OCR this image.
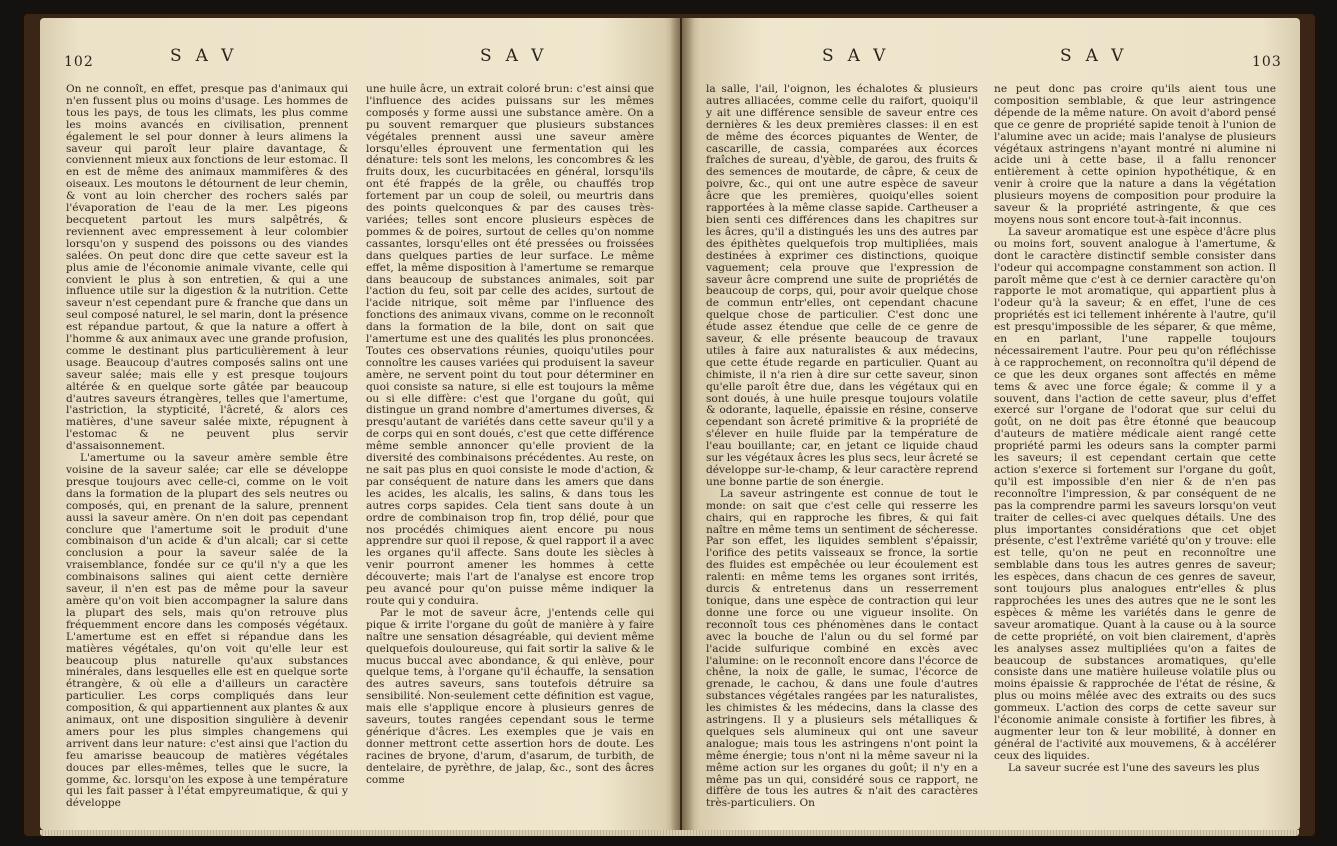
102	SAV	SAV

On ne connoît, en effet, presque pas d'animaux qui n'en fussent plus ou moins d'usage. Les hommes de tous les pays, de tous les climats, les plus comme les moins avancés en civilisation, prennent également le sel pour donner à leurs alimens la saveur qui paroît leur plaire davantage, & conviennent mieux aux fonctions de leur estomac. Il en est de même des animaux mammifères & des oiseaux. Les moutons le détournent de leur chemin, & vont au loin chercher des rochers salés par l'évaporation de l'eau de la mer. Les pigeons becquetent partout les murs salpêtrés, & reviennent avec empressement à leur colombier lorsqu'on y suspend des poissons ou des viandes salées. On peut donc dire que cette saveur est la plus amie de l'économie animale vivante, celle qui convient le plus à son entretien, & qui a une influence utile sur la digestion & la nutrition. Cette saveur n'est cependant pure & franche que dans un seul composé naturel, le sel marin, dont la présence est répandue partout, & que la nature a offert à l'homme & aux animaux avec une grande profusion, comme le destinant plus particulièrement à leur usage. Beaucoup d'autres composés salins ont une saveur salée; mais elle y est presque toujours altérée & en quelque sorte gâtée par beaucoup d'autres saveurs étrangères, telles que l'amertume, l'astriction, la stypticité, l'âcreté, & alors ces matières, d'une saveur salée mixte, répugnent à l'estomac & ne peuvent plus servir d'assaisonnement.

L'amertume ou la saveur amère semble être voisine de la saveur salée; car elle se développe presque toujours avec celle-ci, comme on le voit dans la formation de la plupart des sels neutres ou composés, qui, en prenant de la salure, prennent aussi la saveur amère. On n'en doit pas cependant conclure que l'amertume soit le produit d'une combinaison d'un acide & d'un alcali; car si cette conclusion a pour la saveur salée de la vraisemblance, fondée sur ce qu'il n'y a que les combinaisons salines qui aient cette dernière saveur, il n'en est pas de même pour la saveur amère qu'on voit bien accompagner la salure dans la plupart des sels, mais qu'on retrouve plus fréquemment encore dans les composés végétaux. L'amertume est en effet si répandue dans les matières végétales, qu'on voit qu'elle leur est beaucoup plus naturelle qu'aux substances minérales, dans lesquelles elle est en quelque sorte étrangère, & où elle a d'ailleurs un caractère particulier. Les corps compliqués dans leur composition, & qui appartiennent aux plantes & aux animaux, ont une disposition singulière à devenir amers pour les plus simples changemens qui arrivent dans leur nature: c'est ainsi que l'action du feu amarisse beaucoup de matières végétales douces par elles-mêmes, telles que le sucre, la gomme, &c. lorsqu'on les expose à une température qui les fait passer à l'état empyreumatique, & qui y développe

une huile âcre, un extrait coloré brun: c'est ainsi que l'influence des acides puissans sur les mêmes composés y forme aussi une substance amère. On a pu souvent remarquer que plusieurs substances végétales prennent aussi une saveur amère lorsqu'elles éprouvent une fermentation qui les dénature: tels sont les melons, les concombres & les fruits doux, les cucurbitacées en général, lorsqu'ils ont été frappés de la grêle, ou chauffés trop fortement par un coup de soleil, ou meurtris dans des points quelconques & par des causes très-variées; telles sont encore plusieurs espèces de pommes & de poires, surtout de celles qu'on nomme cassantes, lorsqu'elles ont été pressées ou froissées dans quelques parties de leur surface. Le même effet, la même disposition à l'amertume se remarque dans beaucoup de substances animales, soit par l'action du feu, soit par celle des acides, surtout de l'acide nitrique, soit même par l'influence des fonctions des animaux vivans, comme on le reconnoît dans la formation de la bile, dont on sait que l'amertume est une des qualités les plus prononcées. Toutes ces observations réunies, quoiqu'utiles pour connoître les causes variées qui produisent la saveur amère, ne servent point du tout pour déterminer en quoi consiste sa nature, si elle est toujours la même ou si elle diffère: c'est que l'organe du goût, qui distingue un grand nombre d'amertumes diverses, & presqu'autant de variétés dans cette saveur qu'il y a de corps qui en sont doués, c'est que cette différence même semble annoncer qu'elle provient de la diversité des combinaisons précédentes. Au reste, on ne sait pas plus en quoi consiste le mode d'action, & par conséquent de nature dans les amers que dans les acides, les alcalis, les salins, & dans tous les autres corps sapides. Cela tient sans doute à un ordre de combinaison trop fin, trop délié, pour que nos procédés chimiques aient encore pu nous apprendre sur quoi il repose, & quel rapport il a avec les organes qu'il affecte. Sans doute les siècles à venir pourront amener les hommes à cette découverte; mais l'art de l'analyse est encore trop peu avancé pour qu'on puisse même indiquer la route qui y conduira.

Par le mot de saveur âcre, j'entends celle qui pique & irrite l'organe du goût de manière à y faire naître une sensation désagréable, qui devient même quelquefois douloureuse, qui fait sortir la salive & le mucus buccal avec abondance, & qui enlève, pour quelque tems, à l'organe qu'il échauffe, la sensation des autres saveurs, sans toutefois détruire sa sensibilité. Non-seulement cette définition est vague, mais elle s'applique encore à plusieurs genres de saveurs, toutes rangées cependant sous le terme générique d'âcres. Les exemples que je vais en donner mettront cette assertion hors de doute. Les racines de bryone, d'arum, d'asarum, de turbith, de dentelaire, de pyrèthre, de jalap, &c., sont des âcres comme

SAV	SAV	103

la salle, l'ail, l'oignon, les échalotes & plusieurs autres alliacées, comme celle du raifort, quoiqu'il y ait une différence sensible de saveur entre ces dernières & les deux premières classes: il en est de même des écorces piquantes de Wenter, de cascarille, de cassia, comparées aux écorces fraîches de sureau, d'yèble, de garou, des fruits & des semences de moutarde, de câpre, & ceux de poivre, &c., qui ont une autre espèce de saveur âcre que les premières, quoiqu'elles soient rapportées à la même classe sapide. Cartheuser a bien senti ces différences dans les chapitres sur les âcres, qu'il a distingués les uns des autres par des épithètes quelquefois trop multipliées, mais destinées à exprimer ces distinctions, quoique vaguement; cela prouve que l'expression de saveur âcre comprend une suite de propriétés de beaucoup de corps, qui, pour avoir quelque chose de commun entr'elles, ont cependant chacune quelque chose de particulier. C'est donc une étude assez étendue que celle de ce genre de saveur, & elle présente beaucoup de travaux utiles à faire aux naturalistes & aux médecins, que cette étude regarde en particulier. Quant au chimiste, il n'a rien à dire sur cette saveur, sinon qu'elle paroît être due, dans les végétaux qui en sont doués, à une huile presque toujours volatile & odorante, laquelle, épaissie en résine, conserve cependant son âcreté primitive & la propriété de s'élever en huile fluide par la température de l'eau bouillante; car, en jetant ce liquide chaud sur les végétaux âcres les plus secs, leur âcreté se développe sur-le-champ, & leur caractère reprend une bonne partie de son énergie.

La saveur astringente est connue de tout le monde: on sait que c'est celle qui resserre les chairs, qui en rapproche les fibres, & qui fait naître en même tems un sentiment de sécheresse. Par son effet, les liquides semblent s'épaissir, l'orifice des petits vaisseaux se fronce, la sortie des fluides est empêchée ou leur écoulement est ralenti: en même tems les organes sont irrités, durcis & entretenus dans un resserrement tonique, dans une espèce de contraction qui leur donne une force ou une vigueur insolite. On reconnoît tous ces phénomènes dans le contact avec la bouche de l'alun ou du sel formé par l'acide sulfurique combiné en excès avec l'alumine: on le reconnoît encore dans l'écorce de chêne, la noix de galle, le sumac, l'écorce de grenade, le cachou, & dans une foule d'autres substances végétales rangées par les naturalistes, les chimistes & les médecins, dans la classe des astringens. Il y a plusieurs sels métalliques & quelques sels alumineux qui ont une saveur analogue; mais tous les astringens n'ont point la même énergie; tous n'ont ni la même saveur ni la même action sur les organes du goût; il n'y en a même pas un qui, considéré sous ce rapport, ne diffère de tous les autres & n'ait des caractères très-particuliers. On

ne peut donc pas croire qu'ils aient tous une composition semblable, & que leur astringence dépende de la même nature. On avoit d'abord pensé que ce genre de propriété sapide tenoit à l'union de l'alumine avec un acide; mais l'analyse de plusieurs végétaux astringens n'ayant montré ni alumine ni acide uni à cette base, il a fallu renoncer entièrement à cette opinion hypothétique, & en venir à croire que la nature a dans la végétation plusieurs moyens de composition pour produire la saveur & la propriété astringente, & que ces moyens nous sont encore tout-à-fait inconnus.

La saveur aromatique est une espèce d'âcre plus ou moins fort, souvent analogue à l'amertume, & dont le caractère distinctif semble consister dans l'odeur qui accompagne constamment son action. Il paroît même que c'est à ce dernier caractère qu'on rapporte le mot aromatique, qui appartient plus à l'odeur qu'à la saveur; & en effet, l'une de ces propriétés est ici tellement inhérente à l'autre, qu'il est presqu'impossible de les séparer, & que même, en en parlant, l'une rappelle toujours nécessairement l'autre. Pour peu qu'on réfléchisse à ce rapprochement, on reconnoîtra qu'il dépend de ce que les deux organes sont affectés en même tems & avec une force égale; & comme il y a souvent, dans l'action de cette saveur, plus d'effet exercé sur l'organe de l'odorat que sur celui du goût, on ne doit pas être étonné que beaucoup d'auteurs de matière médicale aient rangé cette propriété parmi les odeurs sans la compter parmi les saveurs; il est cependant certain que cette action s'exerce si fortement sur l'organe du goût, qu'il est impossible d'en nier & de n'en pas reconnoître l'impression, & par conséquent de ne pas la comprendre parmi les saveurs lorsqu'on veut traiter de celles-ci avec quelques détails. Une des plus importantes considérations que cet objet présente, c'est l'extrême variété qu'on y trouve: elle est telle, qu'on ne peut en reconnoître une semblable dans tous les autres genres de saveur; les espèces, dans chacun de ces genres de saveur, sont toujours plus analogues entr'elles & plus rapprochées les unes des autres que ne le sont les espèces & même les variétés dans le genre de saveur aromatique. Quant à la cause ou à la source de cette propriété, on voit bien clairement, d'après les analyses assez multipliées qu'on a faites de beaucoup de substances aromatiques, qu'elle consiste dans une matière huileuse volatile plus ou moins épaissie & rapprochée de l'état de résine, & plus ou moins mêlée avec des extraits ou des sucs gommeux. L'action des corps de cette saveur sur l'économie animale consiste à fortifier les fibres, à augmenter leur ton & leur mobilité, à donner en général de l'activité aux mouvemens, & à accélérer ceux des liquides.

La saveur sucrée est l'une des saveurs les plus
